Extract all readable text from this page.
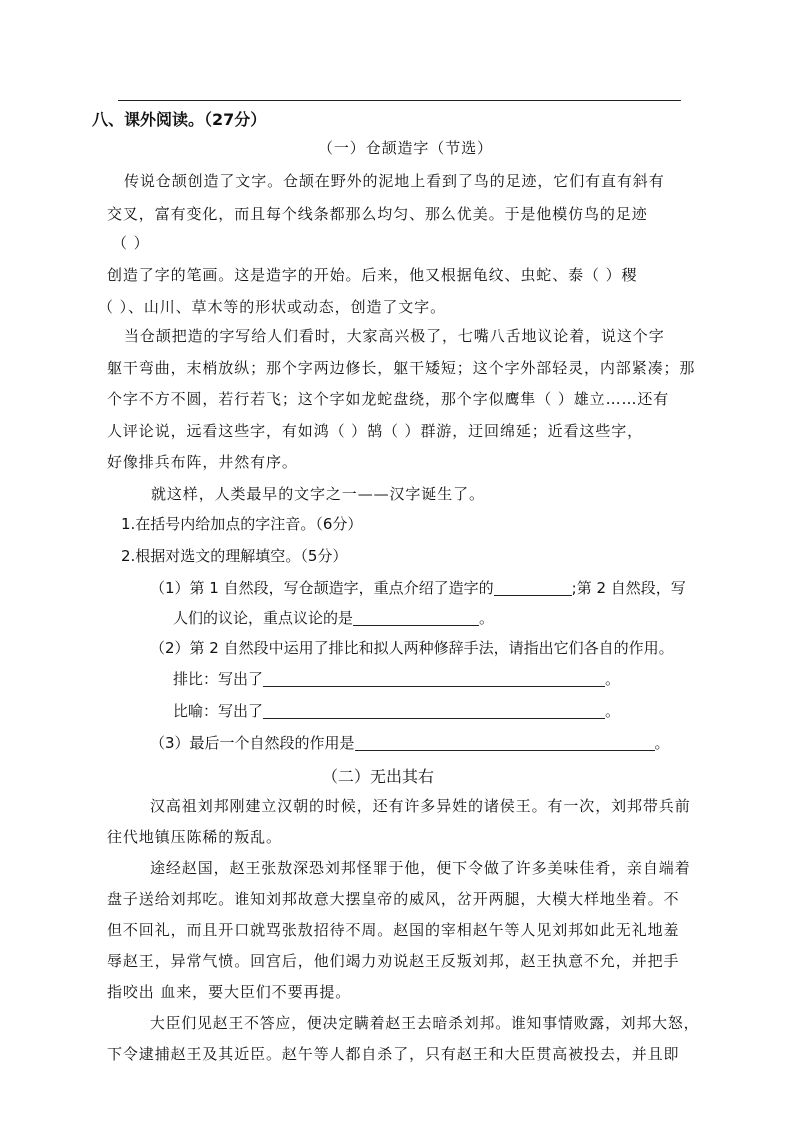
八、课外阅读。（27分）
（一）仓颉造字（节选）
传说仓颉创造了文字。仓颉在野外的泥地上看到了鸟的足迹，它们有直有斜有
交叉，富有变化，而且每个线条都那么均匀、那么优美。于是他模仿鸟的足迹
（ ）
创造了字的笔画。这是造字的开始。后来，他又根据龟纹、虫蛇、泰（ ）稷
（ ）、山川、草木等的形状或动态，创造了文字。
当仓颉把造的字写给人们看时，大家高兴极了，七嘴八舌地议论着，说这个字
躯干弯曲，末梢放纵；那个字两边修长，躯干矮短；这个字外部轻灵，内部紧凑；那
个字不方不圆，若行若飞；这个字如龙蛇盘绕，那个字似鹰隼（ ）雄立……还有
人评论说，远看这些字，有如鸿（ ）鹄（ ）群游，迂回绵延；近看这些字，
好像排兵布阵，井然有序。
就这样，人类最早的文字之一——汉字诞生了。
1.在括号内给加点的字注音。（6分）
2.根据对选文的理解填空。（5分）
（1）第 1 自然段，写仓颉造字，重点介绍了造字的	;第 2 自然段，写
人们的议论，重点议论的是	。
（2）第 2 自然段中运用了排比和拟人两种修辞手法，请指出它们各自的作用。
排比：写出了	。
比喻：写出了	。
（3）最后一个自然段的作用是	。
（二）无出其右
汉高祖刘邦刚建立汉朝的时候，还有许多异姓的诸侯王。有一次，刘邦带兵前
往代地镇压陈稀的叛乱。
途经赵国，赵王张敖深恐刘邦怪罪于他，便下令做了许多美味佳肴，亲自端着
盘子送给刘邦吃。谁知刘邦故意大摆皇帝的威风，岔开两腿，大模大样地坐着。不
但不回礼，而且开口就骂张敖招待不周。赵国的宰相赵午等人见刘邦如此无礼地羞
辱赵王，异常气愤。回宫后，他们竭力劝说赵王反叛刘邦，赵王执意不允，并把手
指咬出 血来，要大臣们不要再提。
大臣们见赵王不答应，便决定瞒着赵王去暗杀刘邦。谁知事情败露，刘邦大怒，
下令逮捕赵王及其近臣。赵午等人都自杀了，只有赵王和大臣贯高被投去，并且即
